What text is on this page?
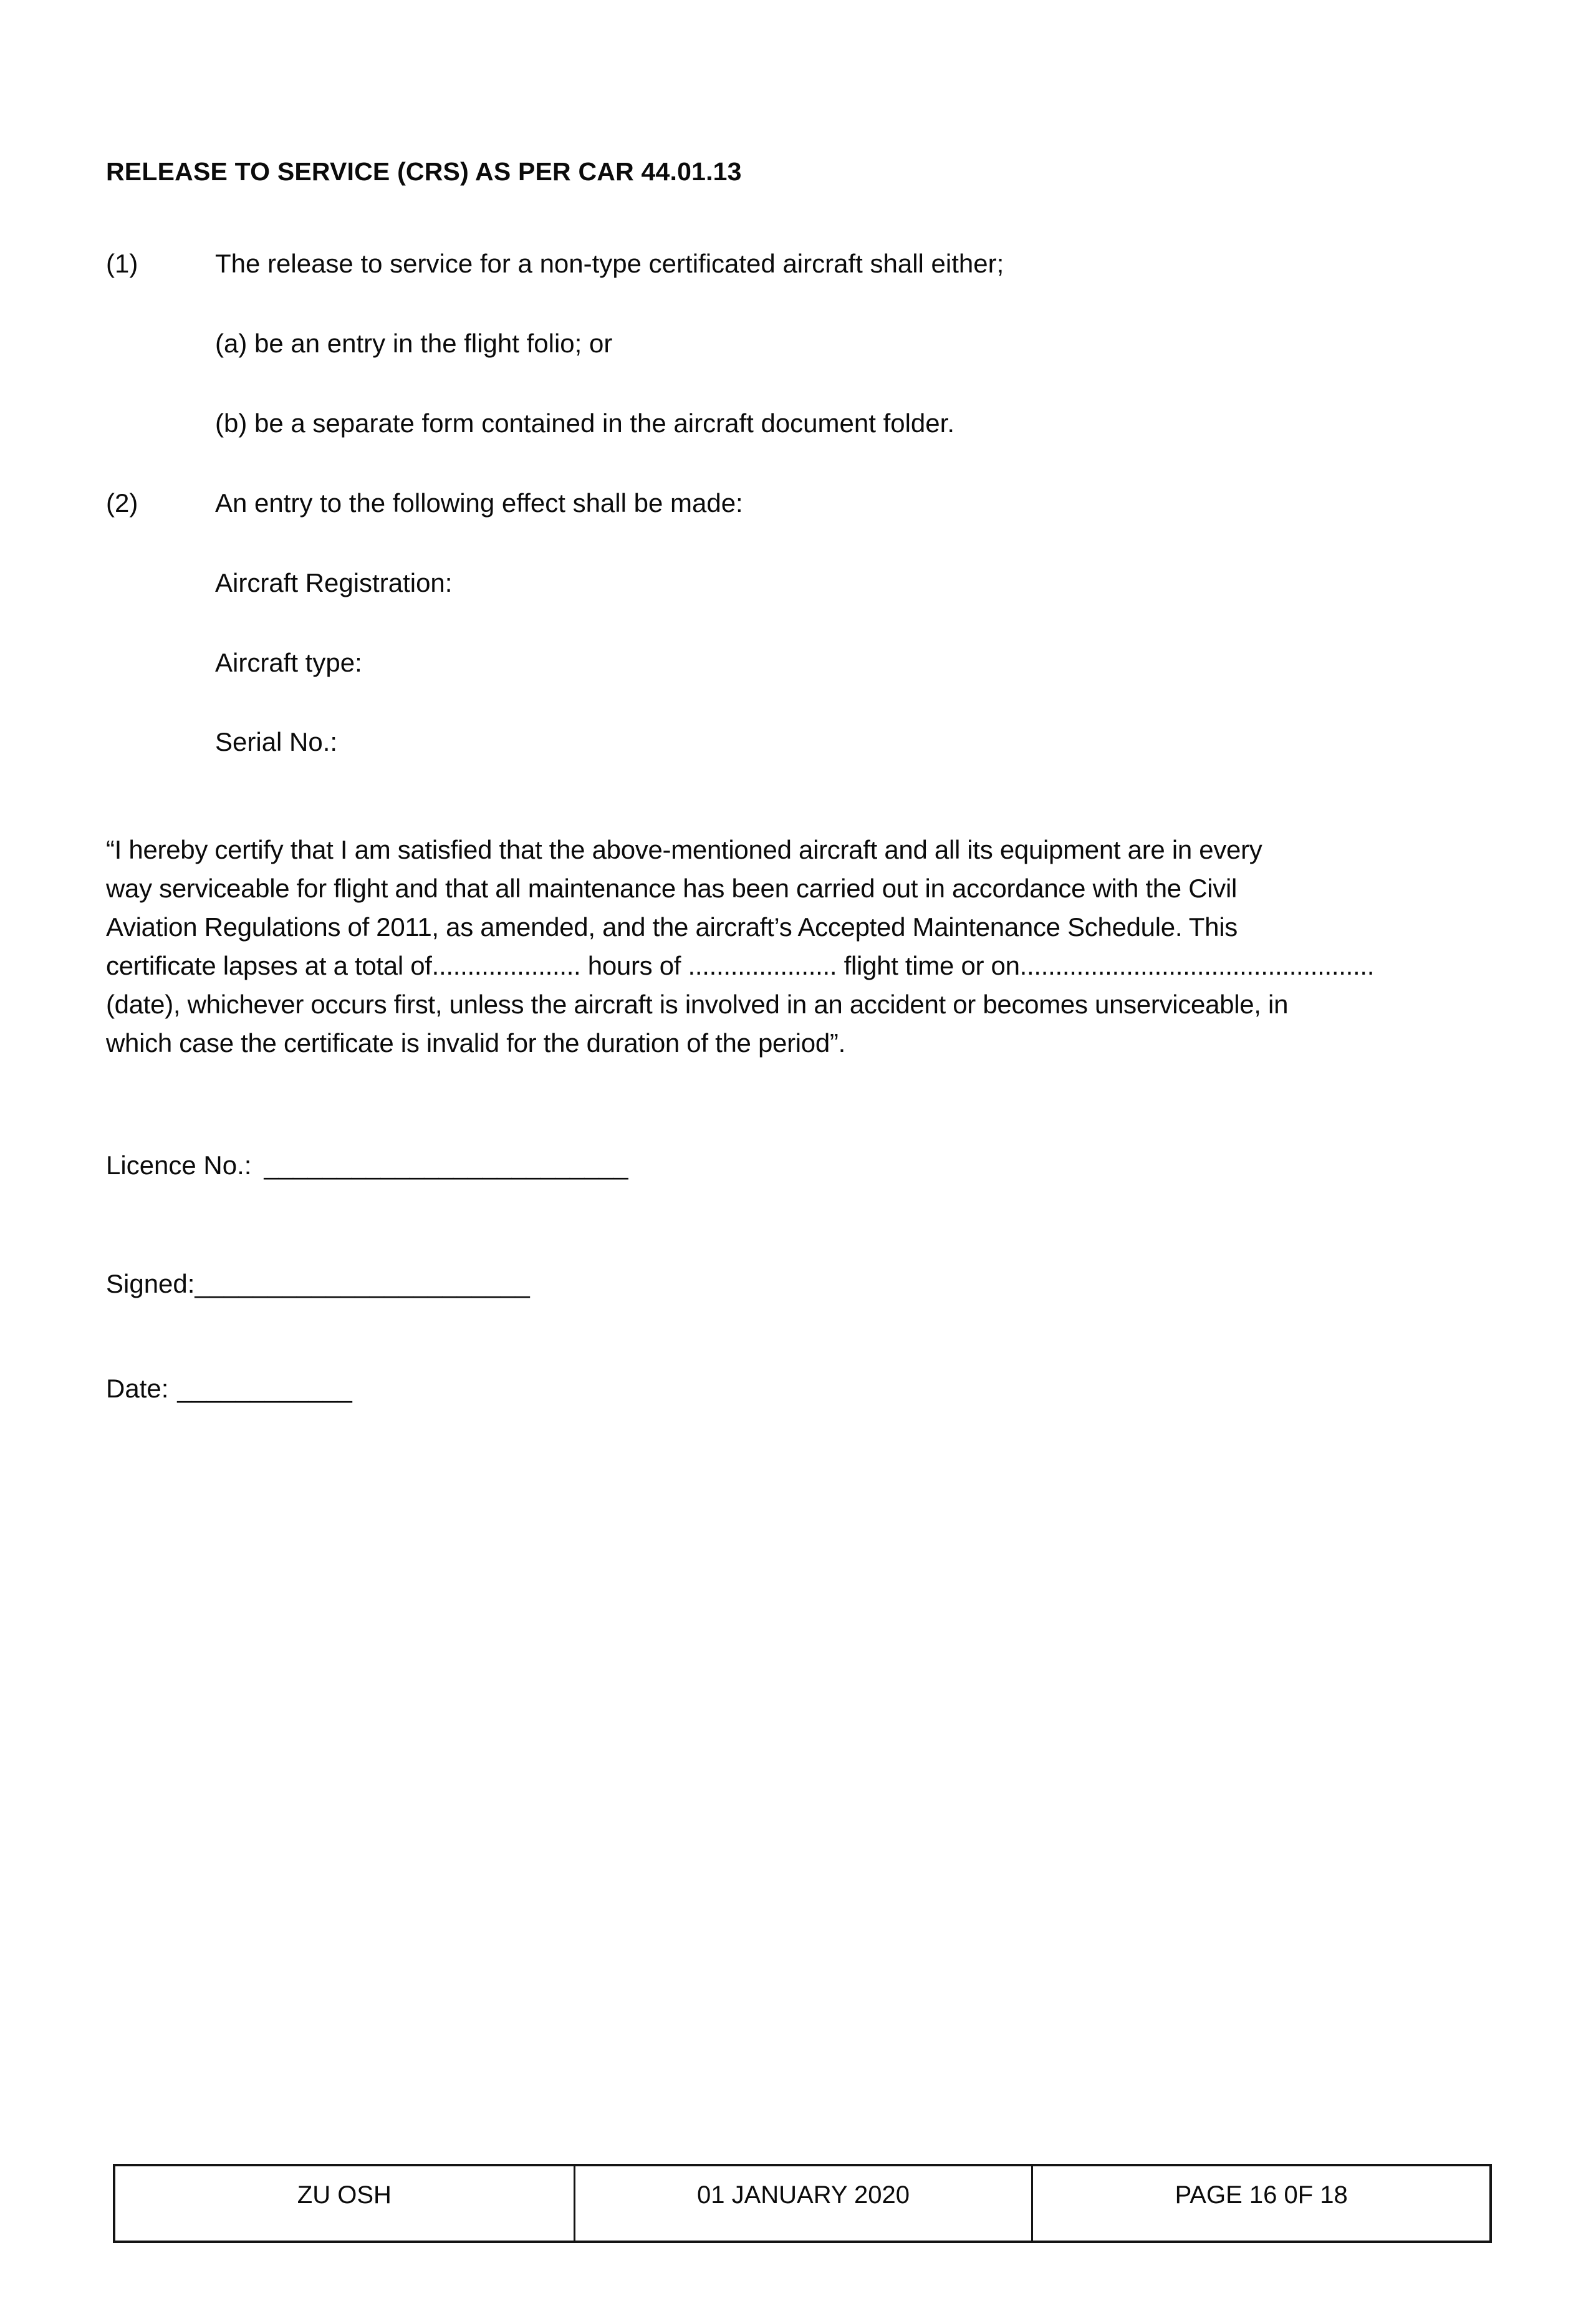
RELEASE TO SERVICE (CRS) AS PER CAR 44.01.13
(1)	The release to service for a non-type certificated aircraft shall either;
(a) be an entry in the flight folio; or
(b) be a separate form contained in the aircraft document folder.
(2)	An entry to the following effect shall be made:
Aircraft Registration:
Aircraft type:
Serial No.:
“I hereby certify that I am satisfied that the above-mentioned aircraft and all its equipment are in every
way serviceable for flight and that all maintenance has been carried out in accordance with the Civil
Aviation Regulations of 2011, as amended, and the aircraft’s Accepted Maintenance Schedule. This
certificate lapses at a total of..................... hours of ..................... flight time or on..................................................
(date), whichever occurs first, unless the aircraft is involved in an accident or becomes unserviceable, in
which case the certificate is invalid for the duration of the period”.
Licence No.: _________________________
Signed:_______________________
Date: ____________
ZU OSH	01 JANUARY 2020	PAGE 16 0F 18
